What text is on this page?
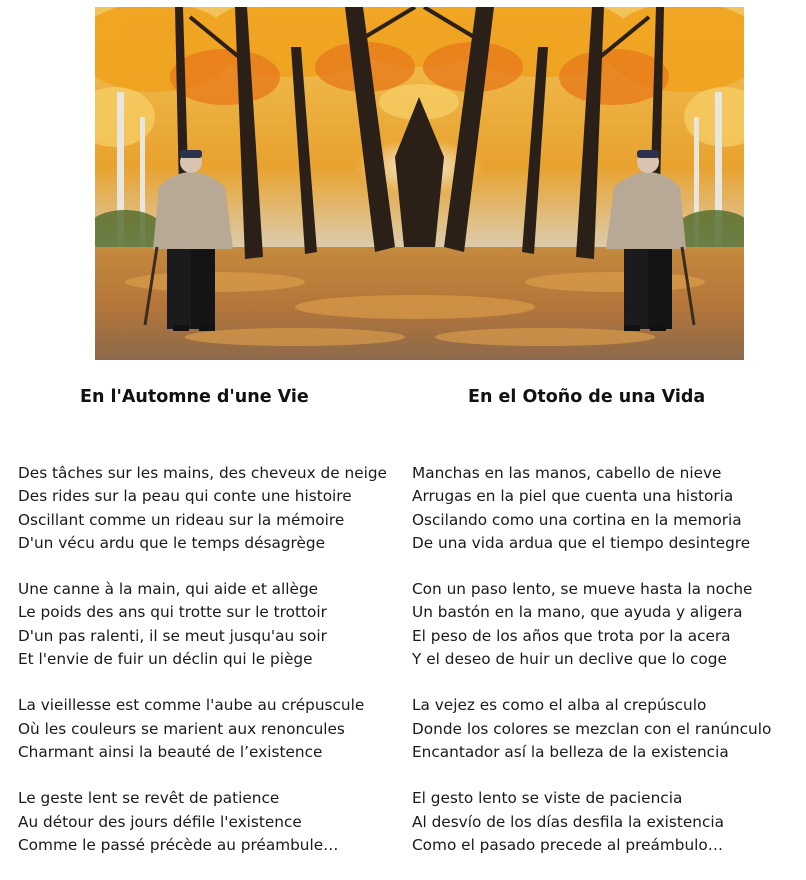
En l'Automne d'une Vie	En el Otoño de una Vida
Des tâches sur les mains, des cheveux de neige
Des rides sur la peau qui conte une histoire
Oscillant comme un rideau sur la mémoire
D'un vécu ardu que le temps désagrège
Une canne à la main, qui aide et allège
Le poids des ans qui trotte sur le trottoir
D'un pas ralenti, il se meut jusqu'au soir
Et l'envie de fuir un déclin qui le piège
La vieillesse est comme l'aube au crépuscule
Où les couleurs se marient aux renoncules
Charmant ainsi la beauté de l’existence
Le geste lent se revêt de patience
Au détour des jours défile l'existence
Comme le passé précède au préambule…
Manchas en las manos, cabello de nieve
Arrugas en la piel que cuenta una historia
Oscilando como una cortina en la memoria
De una vida ardua que el tiempo desintegre
Con un paso lento, se mueve hasta la noche
Un bastón en la mano, que ayuda y aligera
El peso de los años que trota por la acera
Y el deseo de huir un declive que lo coge
La vejez es como el alba al crepúsculo
Donde los colores se mezclan con el ranúnculo
Encantador así la belleza de la existencia
El gesto lento se viste de paciencia
Al desvío de los días desfila la existencia
Como el pasado precede al preámbulo…
